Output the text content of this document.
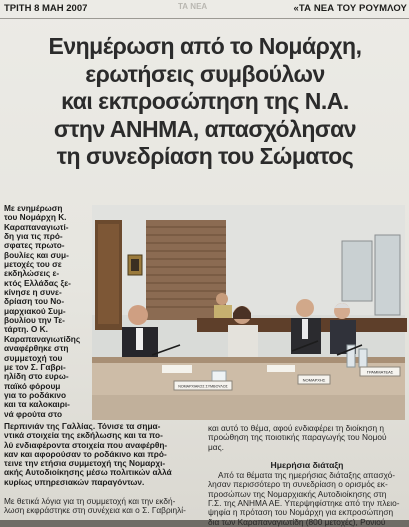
ΤΡΙΤΗ 8 ΜΑΗ 2007	ΤΑ ΝΕΑ	«ΤΑ ΝΕΑ ΤΟΥ ΡΟΥΜΛΟΥ
Ενημέρωση από το Νομάρχη,
ερωτήσεις συμβούλων
και εκπροσώπηση της Ν.Α.
στην ΑΝΗΜΑ, απασχόλησαν
τη συνεδρίαση του Σώματος
Με ενημέρωση
του Νομάρχη Κ.
Καραπαναγιωτί-
δη για τις πρό-
σφατες πρωτο-
βουλίες και συμ-
μετοχές του σε
εκδηλώσεις ε-
κτός Ελλάδας ξε-
κίνησε η συνε-
δρίαση του Νο-
μαρχιακού Συμ-
βουλίου την Τε-
τάρτη. Ο Κ.
Καραπαναγιωτίδης
αναφέρθηκε στη
συμμετοχή του
με τον Σ. Γαβρι-
ηλίδη στο ευρω-
παϊκό φόρουμ
για το ροδάκινο
και τα καλοκαιρι-
νά φρούτα στο
ΝΟΜΑΡΧΙΑΚΟΣ ΣΥΜΒΟΥΛΟΣ
ΝΟΜΑΡΧΗΣ
ΓΡΑΜΜΑΤΕΑΣ
Περπινιάν της Γαλλίας. Τόνισε τα σημα-
ντικά στοιχεία της εκδήλωσης και τα πο-
λύ ενδιαφέροντα στοιχεία που αναφέρθη-
καν και αφορούσαν το ροδάκινο και πρό-
τεινε την ετήσια συμμετοχή της Νομαρχι-
ακής Αυτοδιοίκησης μέσω πολιτικών αλλά
κυρίως υπηρεσιακών παραγόντων.
Με θετικά λόγια για τη συμμετοχή και την εκδή-
λωση εκφράστηκε στη συνέχεια και ο Σ. Γαβριηλί-
και αυτό το θέμα, αφού ενδιαφέρει τη διοίκηση η
προώθηση της ποιοτικής παραγωγής του Νομού
μας.
Ημερήσια διάταξη
Από τα θέματα της ημερήσιας διάταξης απασχό-
λησαν περισσότερο τη συνεδρίαση ο ορισμός εκ-
προσώπων της Νομαρχιακής Αυτοδιοίκησης στη
Γ.Σ. της ΑΝΗΜΑ ΑΕ. Υπερψηφίστηκε από την πλειο-
ψηφία η πρόταση του Νομάρχη για εκπροσώπηση
δια των Καραπαναγιωτίδη (800 μετοχές), Ρονιού
